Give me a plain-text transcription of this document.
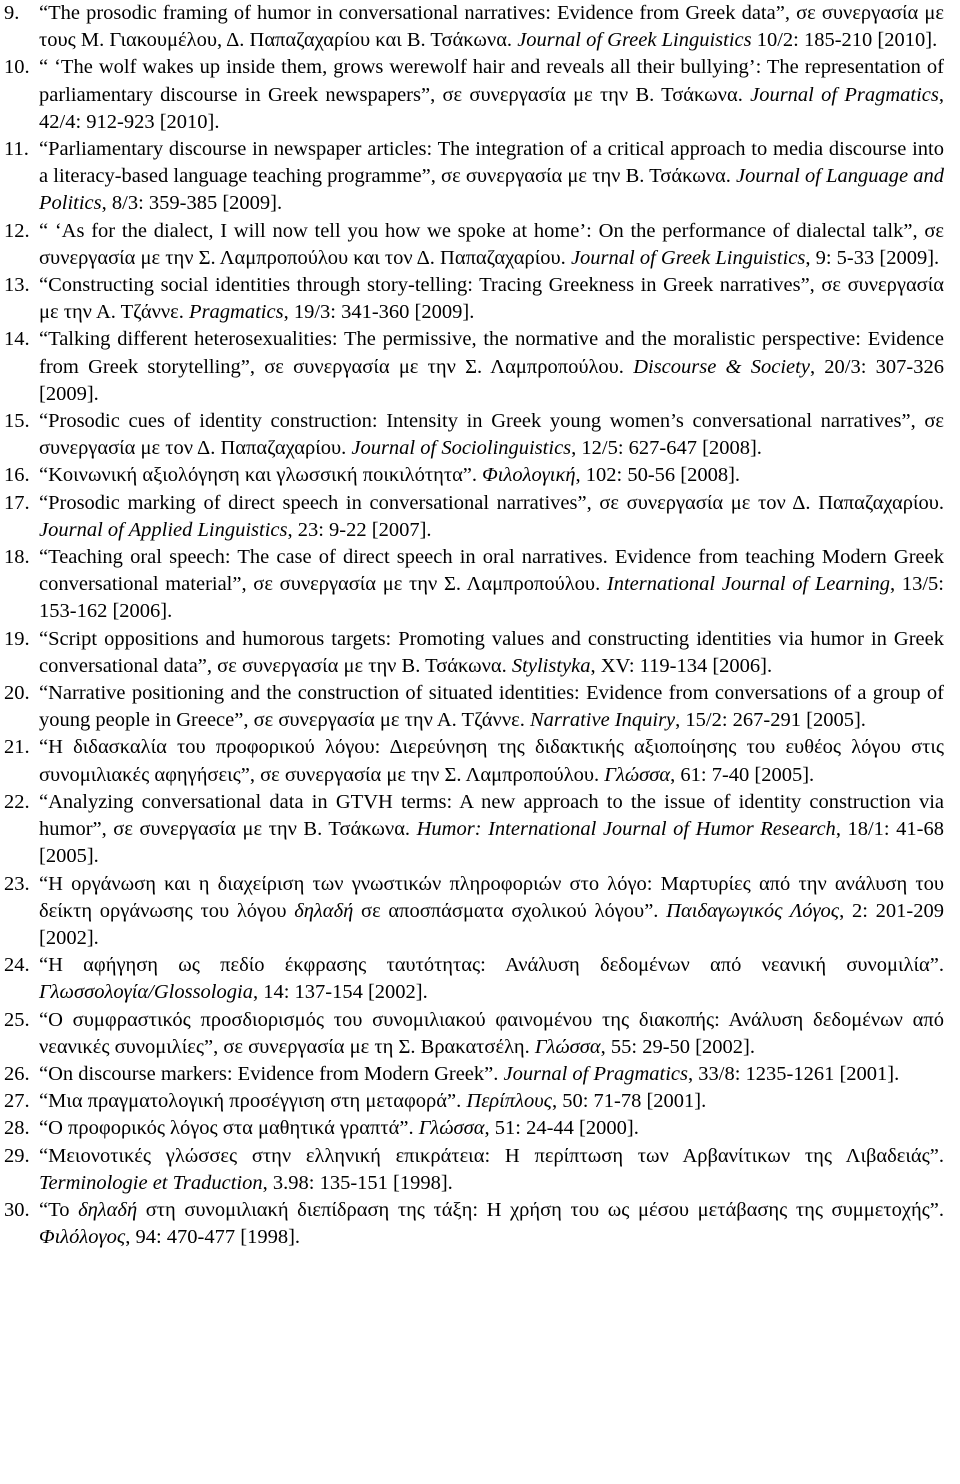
9. “The prosodic framing of humor in conversational narratives: Evidence from Greek data”, σε συνεργασία με τους Μ. Γιακουμέλου, Δ. Παπαζαχαρίου και Β. Τσάκωνα. Journal of Greek Linguistics 10/2: 185-210 [2010].
10. “ ‘The wolf wakes up inside them, grows werewolf hair and reveals all their bullying’: The representation of parliamentary discourse in Greek newspapers”, σε συνεργασία με την Β. Τσάκωνα. Journal of Pragmatics, 42/4: 912-923 [2010].
11. “Parliamentary discourse in newspaper articles: The integration of a critical approach to media discourse into a literacy-based language teaching programme”, σε συνεργασία με την Β. Τσάκωνα. Journal of Language and Politics, 8/3: 359-385 [2009].
12. “ ‘As for the dialect, I will now tell you how we spoke at home’: On the performance of dialectal talk”, σε συνεργασία με την Σ. Λαμπροπούλου και τον Δ. Παπαζαχαρίου. Journal of Greek Linguistics, 9: 5-33 [2009].
13. “Constructing social identities through story-telling: Tracing Greekness in Greek narratives”, σε συνεργασία με την Α. Τζάννε. Pragmatics, 19/3: 341-360 [2009].
14. “Talking different heterosexualities: The permissive, the normative and the moralistic perspective: Evidence from Greek storytelling”, σε συνεργασία με την Σ. Λαμπροπούλου. Discourse & Society, 20/3: 307-326 [2009].
15. “Prosodic cues of identity construction: Intensity in Greek young women’s conversational narratives”, σε συνεργασία με τον Δ. Παπαζαχαρίου. Journal of Sociolinguistics, 12/5: 627-647 [2008].
16. “Κοινωνική αξιολόγηση και γλωσσική ποικιλότητα”. Φιλολογική, 102: 50-56 [2008].
17. “Prosodic marking of direct speech in conversational narratives”, σε συνεργασία με τον Δ. Παπαζαχαρίου. Journal of Applied Linguistics, 23: 9-22 [2007].
18. “Teaching oral speech: The case of direct speech in oral narratives. Evidence from teaching Modern Greek conversational material”, σε συνεργασία με την Σ. Λαμπροπούλου. International Journal of Learning, 13/5: 153-162 [2006].
19. “Script oppositions and humorous targets: Promoting values and constructing identities via humor in Greek conversational data”, σε συνεργασία με την Β. Τσάκωνα. Stylistyka, XV: 119-134 [2006].
20. “Narrative positioning and the construction of situated identities: Evidence from conversations of a group of young people in Greece”, σε συνεργασία με την Α. Τζάννε. Narrative Inquiry, 15/2: 267-291 [2005].
21. “Η διδασκαλία του προφορικού λόγου: Διερεύνηση της διδακτικής αξιοποίησης του ευθέος λόγου στις συνομιλιακές αφηγήσεις”, σε συνεργασία με την Σ. Λαμπροπούλου. Γλώσσα, 61: 7-40 [2005].
22. “Analyzing conversational data in GTVH terms: A new approach to the issue of identity construction via humor”, σε συνεργασία με την Β. Τσάκωνα. Humor: International Journal of Humor Research, 18/1: 41-68 [2005].
23. “Η οργάνωση και η διαχείριση των γνωστικών πληροφοριών στο λόγο: Μαρτυρίες από την ανάλυση του δείκτη οργάνωσης του λόγου δηλαδή σε αποσπάσματα σχολικού λόγου”. Παιδαγωγικός Λόγος, 2: 201-209 [2002].
24. “Η αφήγηση ως πεδίο έκφρασης ταυτότητας: Ανάλυση δεδομένων από νεανική συνομιλία”. Γλωσσολογία/Glossologia, 14: 137-154 [2002].
25. “Ο συμφραστικός προσδιορισμός του συνομιλιακού φαινομένου της διακοπής: Ανάλυση δεδομένων από νεανικές συνομιλίες”, σε συνεργασία με τη Σ. Βρακατσέλη. Γλώσσα, 55: 29-50 [2002].
26. “On discourse markers: Evidence from Modern Greek”. Journal of Pragmatics, 33/8: 1235-1261 [2001].
27. “Μια πραγματολογική προσέγγιση στη μεταφορά”. Περίπλους, 50: 71-78 [2001].
28. “Ο προφορικός λόγος στα μαθητικά γραπτά”. Γλώσσα, 51: 24-44 [2000].
29. “Μειονοτικές γλώσσες στην ελληνική επικράτεια: Η περίπτωση των Αρβανίτικων της Λιβαδειάς”. Terminologie et Traduction, 3.98: 135-151 [1998].
30. “Το δηλαδή στη συνομιλιακή διεπίδραση της τάξη: Η χρήση του ως μέσου μετάβασης της συμμετοχής”. Φιλόλογος, 94: 470-477 [1998].
